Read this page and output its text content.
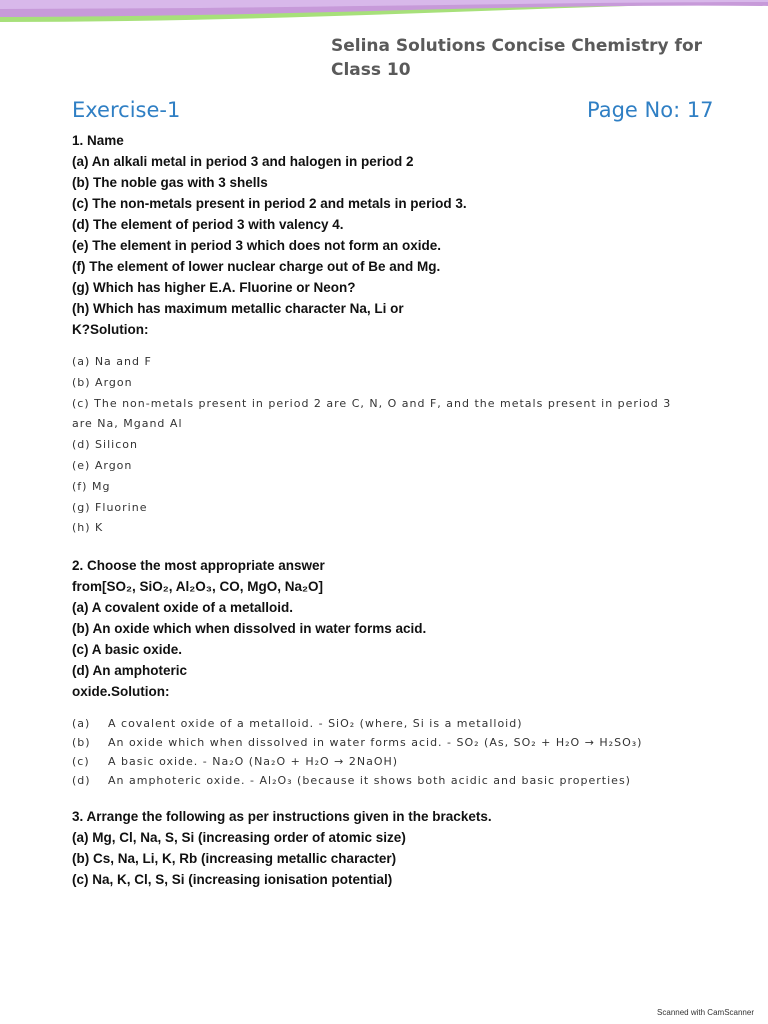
Selina Solutions Concise Chemistry for Class 10
Exercise-1	Page No: 17

1. Name

(a) An alkali metal in period 3 and halogen in period 2

(b) The noble gas with 3 shells

(c) The non-metals present in period 2 and metals in period 3.

(d) The element of period 3 with valency 4.

(e) The element in period 3 which does not form an oxide.

(f) The element of lower nuclear charge out of Be and Mg.

(g) Which has higher E.A. Fluorine or Neon?

(h) Which has maximum metallic character Na, Li or

K?Solution:

(a) Na and F

(b) Argon

(c) The non-metals present in period 2 are C, N, O and F, and the metals present in period 3

are Na, Mgand Al

(d) Silicon

(e) Argon

(f) Mg

(g) Fluorine

(h) K

2. Choose the most appropriate answer

from[SO₂, SiO₂, Al₂O₃, CO, MgO, Na₂O]

(a) A covalent oxide of a metalloid.

(b) An oxide which when dissolved in water forms acid.

(c) A basic oxide.

(d) An amphoteric

oxide.Solution:

(a)	A covalent oxide of a metalloid. - SiO₂ (where, Si is a metalloid)
(b)	An oxide which when dissolved in water forms acid. - SO₂ (As, SO₂ + H₂O → H₂SO₃)
(c)	A basic oxide. - Na₂O (Na₂O + H₂O → 2NaOH)
(d)	An amphoteric oxide. - Al₂O₃ (because it shows both acidic and basic properties)

3. Arrange the following as per instructions given in the brackets.

(a) Mg, Cl, Na, S, Si (increasing order of atomic size)

(b) Cs, Na, Li, K, Rb (increasing metallic character)

(c) Na, K, Cl, S, Si (increasing ionisation potential)

Scanned with CamScanner
